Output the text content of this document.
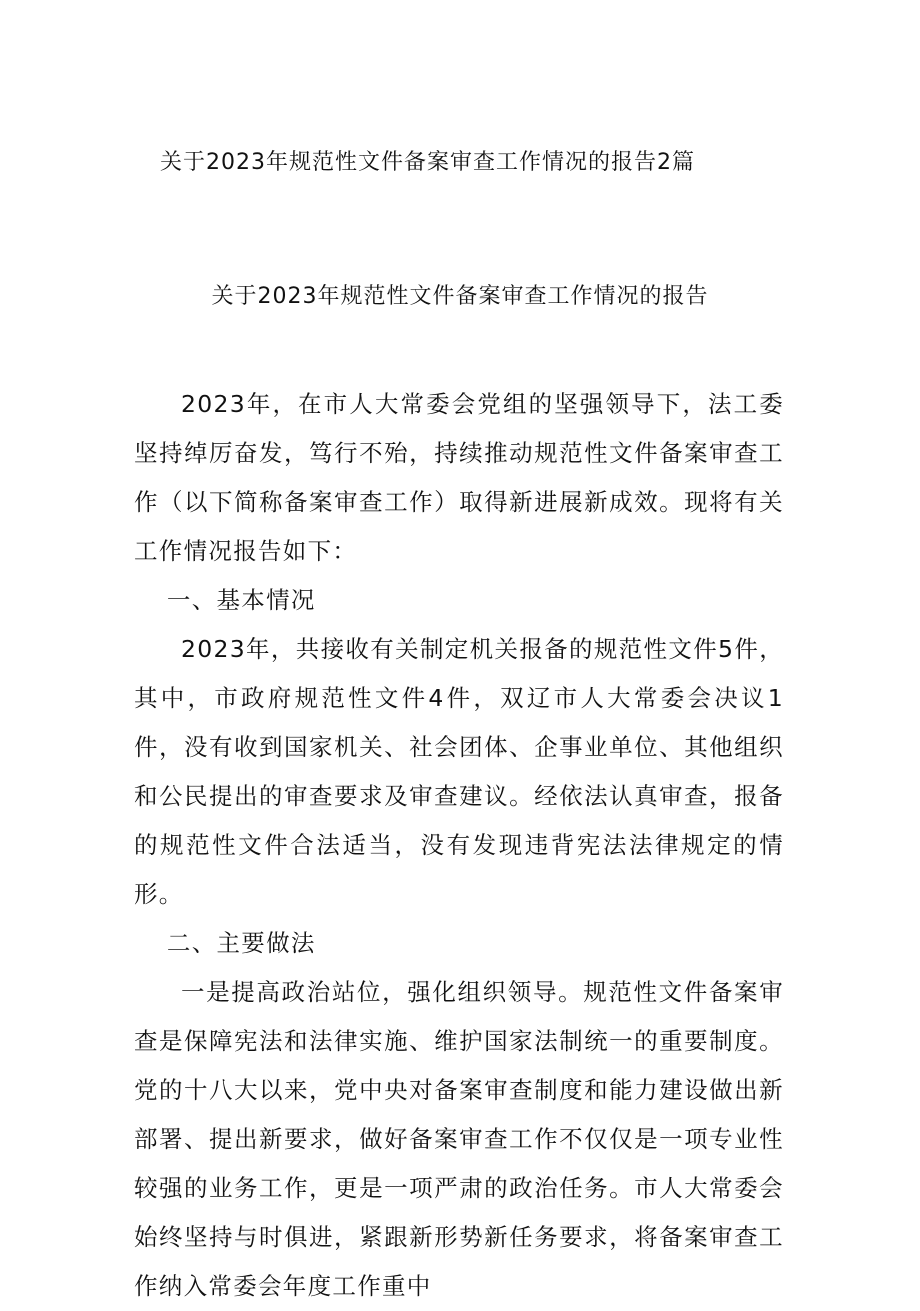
关于2023年规范性文件备案审查工作情况的报告2篇
关于2023年规范性文件备案审查工作情况的报告

2023年，在市人大常委会党组的坚强领导下，法工委坚持绰厉奋发，笃行不殆，持续推动规范性文件备案审查工作（以下简称备案审查工作）取得新进展新成效。现将有关工作情况报告如下：

一、基本情况

2023年，共接收有关制定机关报备的规范性文件5件，其中，市政府规范性文件4件，双辽市人大常委会决议1件，没有收到国家机关、社会团体、企事业单位、其他组织和公民提出的审查要求及审查建议。经依法认真审查，报备的规范性文件合法适当，没有发现违背宪法法律规定的情形。

二、主要做法

一是提高政治站位，强化组织领导。规范性文件备案审查是保障宪法和法律实施、维护国家法制统一的重要制度。党的十八大以来，党中央对备案审查制度和能力建设做出新部署、提出新要求，做好备案审查工作不仅仅是一项专业性较强的业务工作，更是一项严肃的政治任务。市人大常委会始终坚持与时俱进，紧跟新形势新任务要求，将备案审查工作纳入常委会年度工作重中
